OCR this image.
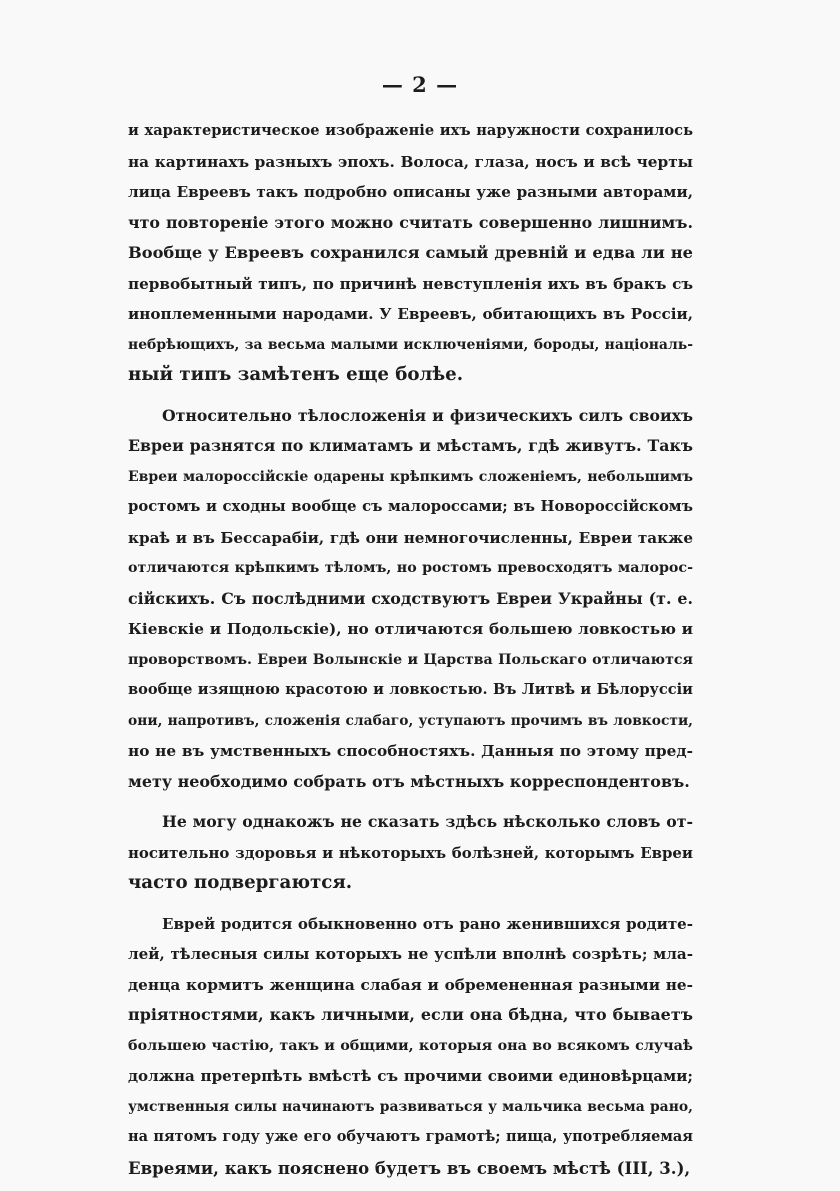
— 2 —
и характеристическое изображеніе ихъ наружности сохранилось
на картинахъ разныхъ эпохъ. Волоса, глаза, носъ и всѣ черты
лица Евреевъ такъ подробно описаны уже разными авторами,
что повтореніе этого можно считать совершенно лишнимъ.
Вообще у Евреевъ сохранился самый древній и едва ли не
первобытный типъ, по причинѣ невступленія ихъ въ бракъ съ
иноплеменными народами. У Евреевъ, обитающихъ въ Россіи,
небрѣющихъ, за весьма малыми исключеніями, бороды, національ-
ный типъ замѣтенъ еще болѣе.
Относительно тѣлосложенія и физическихъ силъ своихъ
Евреи разнятся по климатамъ и мѣстамъ, гдѣ живутъ. Такъ
Евреи малороссійскіе одарены крѣпкимъ сложеніемъ, небольшимъ
ростомъ и сходны вообще съ малороссами; въ Новороссійскомъ
краѣ и въ Бессарабіи, гдѣ они немногочисленны, Евреи также
отличаются крѣпкимъ тѣломъ, но ростомъ превосходятъ малорос-
сійскихъ. Съ послѣдними сходствуютъ Евреи Украйны (т. е.
Кіевскіе и Подольскіе), но отличаются большею ловкостью и
проворствомъ. Евреи Волынскіе и Царства Польскаго отличаются
вообще изящною красотою и ловкостью. Въ Литвѣ и Бѣлоруссіи
они, напротивъ, сложенія слабаго, уступаютъ прочимъ въ ловкости,
но не въ умственныхъ способностяхъ. Данныя по этому пред-
мету необходимо собрать отъ мѣстныхъ корреспондентовъ.
Не могу однакожъ не сказать здѣсь нѣсколько словъ от-
носительно здоровья и нѣкоторыхъ болѣзней, которымъ Евреи
часто подвергаются.
Еврей родится обыкновенно отъ рано женившихся родите-
лей, тѣлесныя силы которыхъ не успѣли вполнѣ созрѣть; мла-
денца кормитъ женщина слабая и обремененная разными не-
пріятностями, какъ личными, если она бѣдна, что бываетъ
большею частію, такъ и общими, которыя она во всякомъ случаѣ
должна претерпѣть вмѣстѣ съ прочими своими единовѣрцами;
умственныя силы начинаютъ развиваться у мальчика весьма рано,
на пятомъ году уже его обучаютъ грамотѣ; пища, употребляемая
Евреями, какъ пояснено будетъ въ своемъ мѣстѣ (III, 3.),
